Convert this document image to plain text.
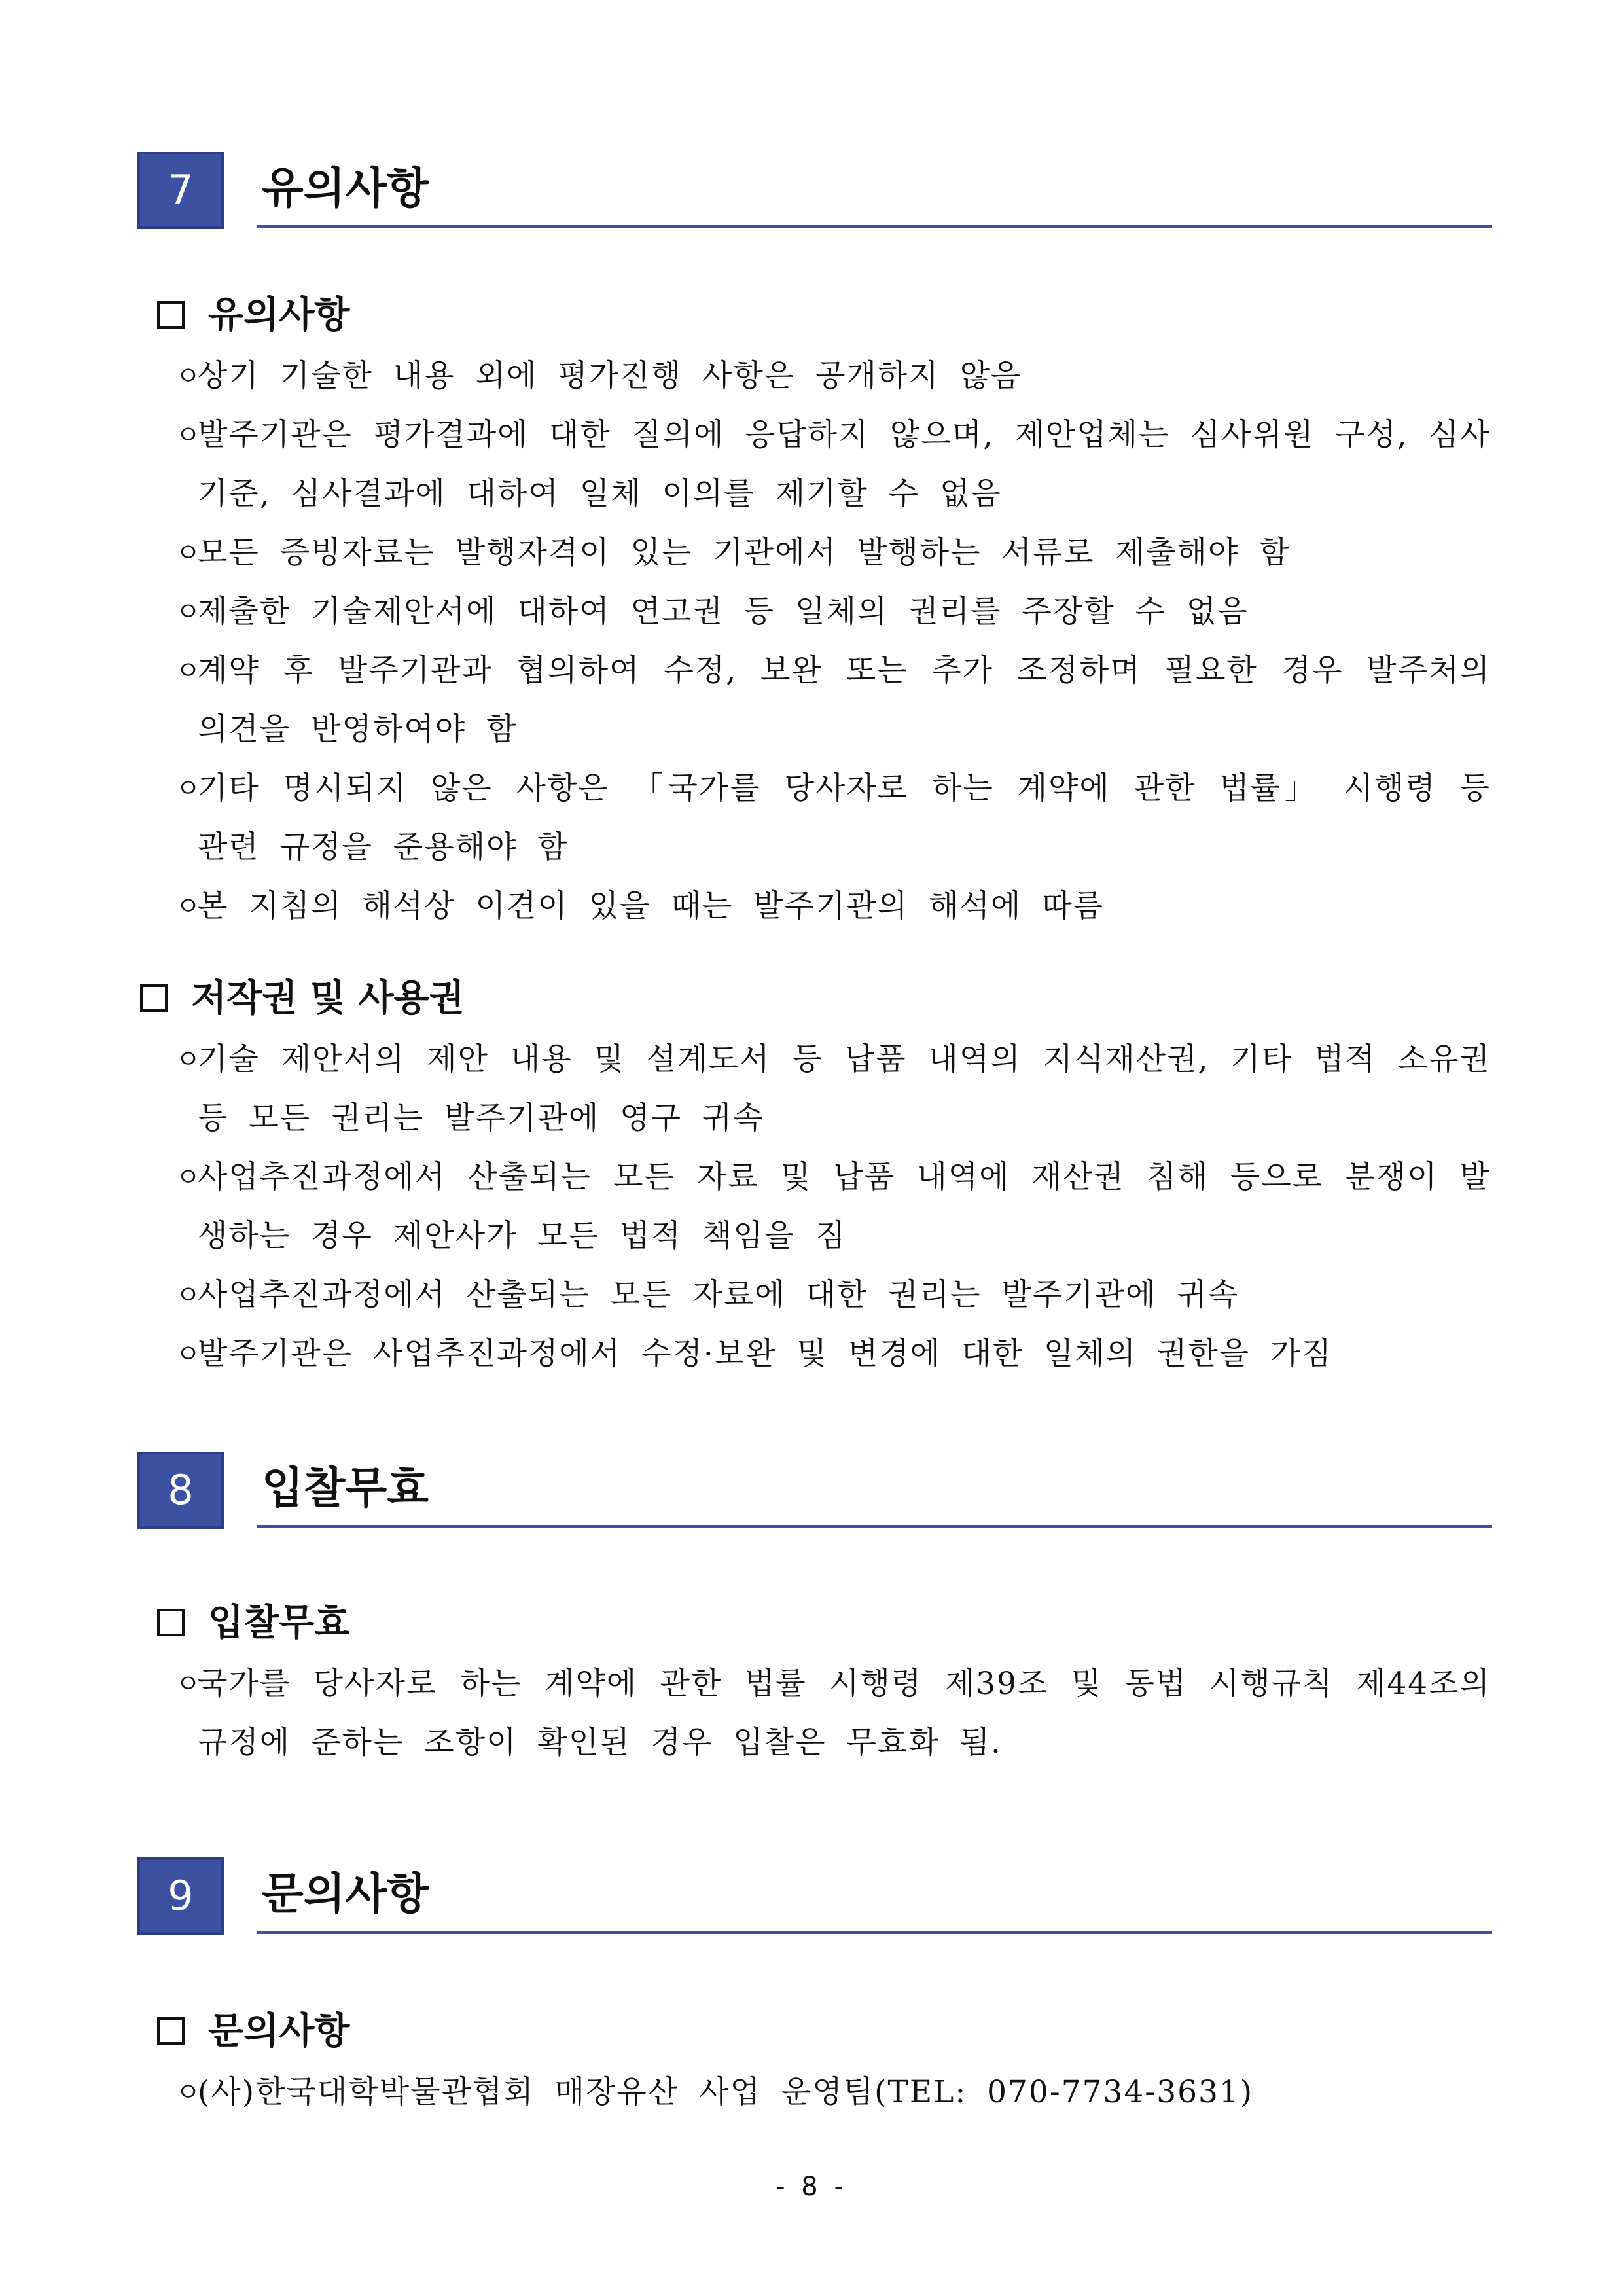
7	유의사항
유의사항
ㅇ
상기 기술한 내용 외에 평가진행 사항은 공개하지 않음
ㅇ
발주기관은 평가결과에 대한 질의에 응답하지 않으며, 제안업체는 심사위원 구성, 심사기준, 심사결과에 대하여 일체 이의를 제기할 수 없음
ㅇ
모든 증빙자료는 발행자격이 있는 기관에서 발행하는 서류로 제출해야 함
ㅇ
제출한 기술제안서에 대하여 연고권 등 일체의 권리를 주장할 수 없음
ㅇ
계약 후 발주기관과 협의하여 수정, 보완 또는 추가 조정하며 필요한 경우 발주처의 의견을 반영하여야 함
ㅇ
기타 명시되지 않은 사항은 「국가를 당사자로 하는 계약에 관한 법률」 시행령 등 관련 규정을 준용해야 함
ㅇ
본 지침의 해석상 이견이 있을 때는 발주기관의 해석에 따름
저작권 및 사용권
ㅇ
기술 제안서의 제안 내용 및 설계도서 등 납품 내역의 지식재산권, 기타 법적 소유권 등 모든 권리는 발주기관에 영구 귀속
ㅇ
사업추진과정에서 산출되는 모든 자료 및 납품 내역에 재산권 침해 등으로 분쟁이 발생하는 경우 제안사가 모든 법적 책임을 짐
ㅇ
사업추진과정에서 산출되는 모든 자료에 대한 권리는 발주기관에 귀속
ㅇ
발주기관은 사업추진과정에서 수정·보완 및 변경에 대한 일체의 권한을 가짐
8	입찰무효
입찰무효
ㅇ
국가를 당사자로 하는 계약에 관한 법률 시행령 제39조 및 동법 시행규칙 제44조의 규정에 준하는 조항이 확인된 경우 입찰은 무효화 됨.
9	문의사항
문의사항
ㅇ
(사)한국대학박물관협회 매장유산 사업 운영팀(TEL: 070-7734-3631)
- 8 -
